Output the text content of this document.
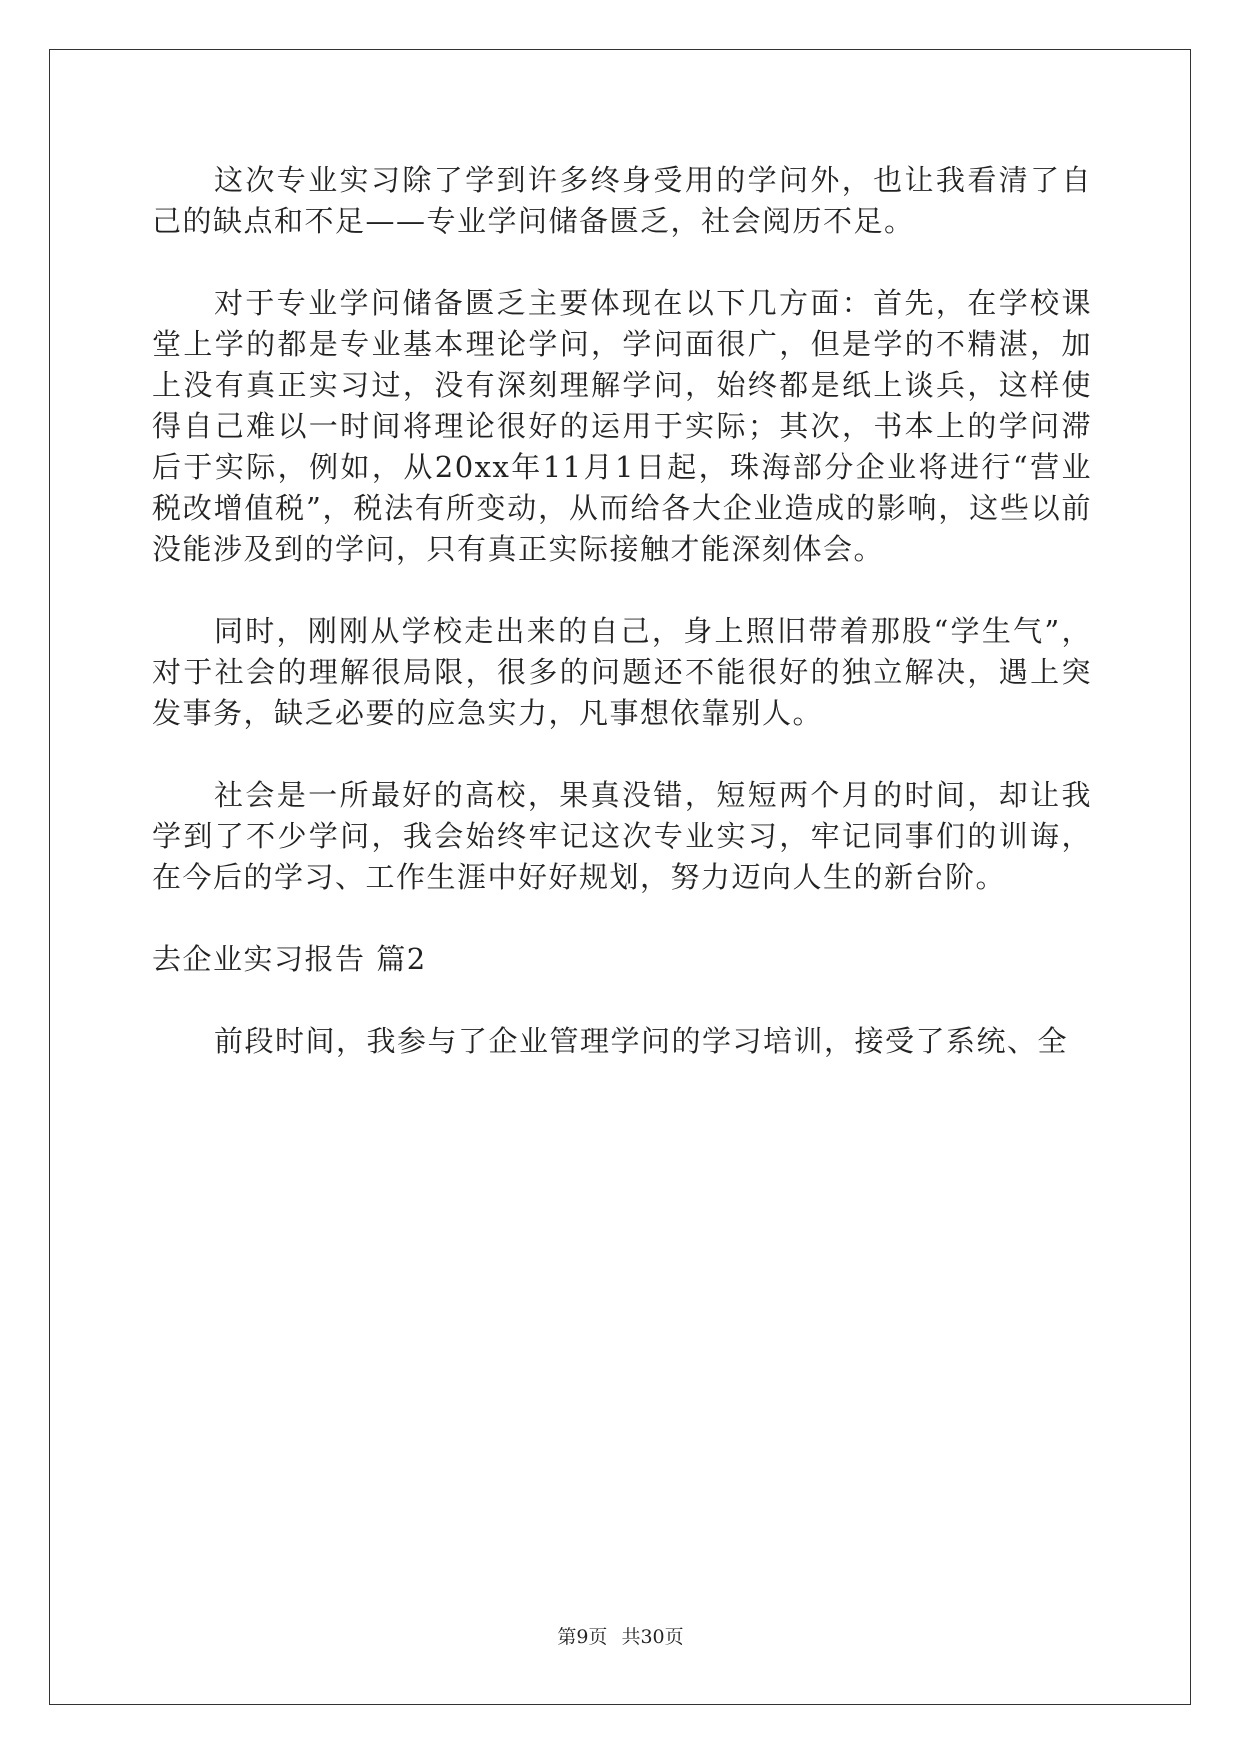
这次专业实习除了学到许多终身受用的学问外，也让我看清了自己的缺点和不足——专业学问储备匮乏，社会阅历不足。

对于专业学问储备匮乏主要体现在以下几方面：首先，在学校课堂上学的都是专业基本理论学问，学问面很广，但是学的不精湛，加上没有真正实习过，没有深刻理解学问，始终都是纸上谈兵，这样使得自己难以一时间将理论很好的运用于实际；其次，书本上的学问滞后于实际，例如，从20xx年11月1日起，珠海部分企业将进行“营业税改增值税”，税法有所变动，从而给各大企业造成的影响，这些以前没能涉及到的学问，只有真正实际接触才能深刻体会。

同时，刚刚从学校走出来的自己，身上照旧带着那股“学生气”，对于社会的理解很局限，很多的问题还不能很好的独立解决，遇上突发事务，缺乏必要的应急实力，凡事想依靠别人。

社会是一所最好的高校，果真没错，短短两个月的时间，却让我学到了不少学问，我会始终牢记这次专业实习，牢记同事们的训诲，在今后的学习、工作生涯中好好规划，努力迈向人生的新台阶。

去企业实习报告 篇2

前段时间，我参与了企业管理学问的学习培训，接受了系统、全

第9页 共30页
